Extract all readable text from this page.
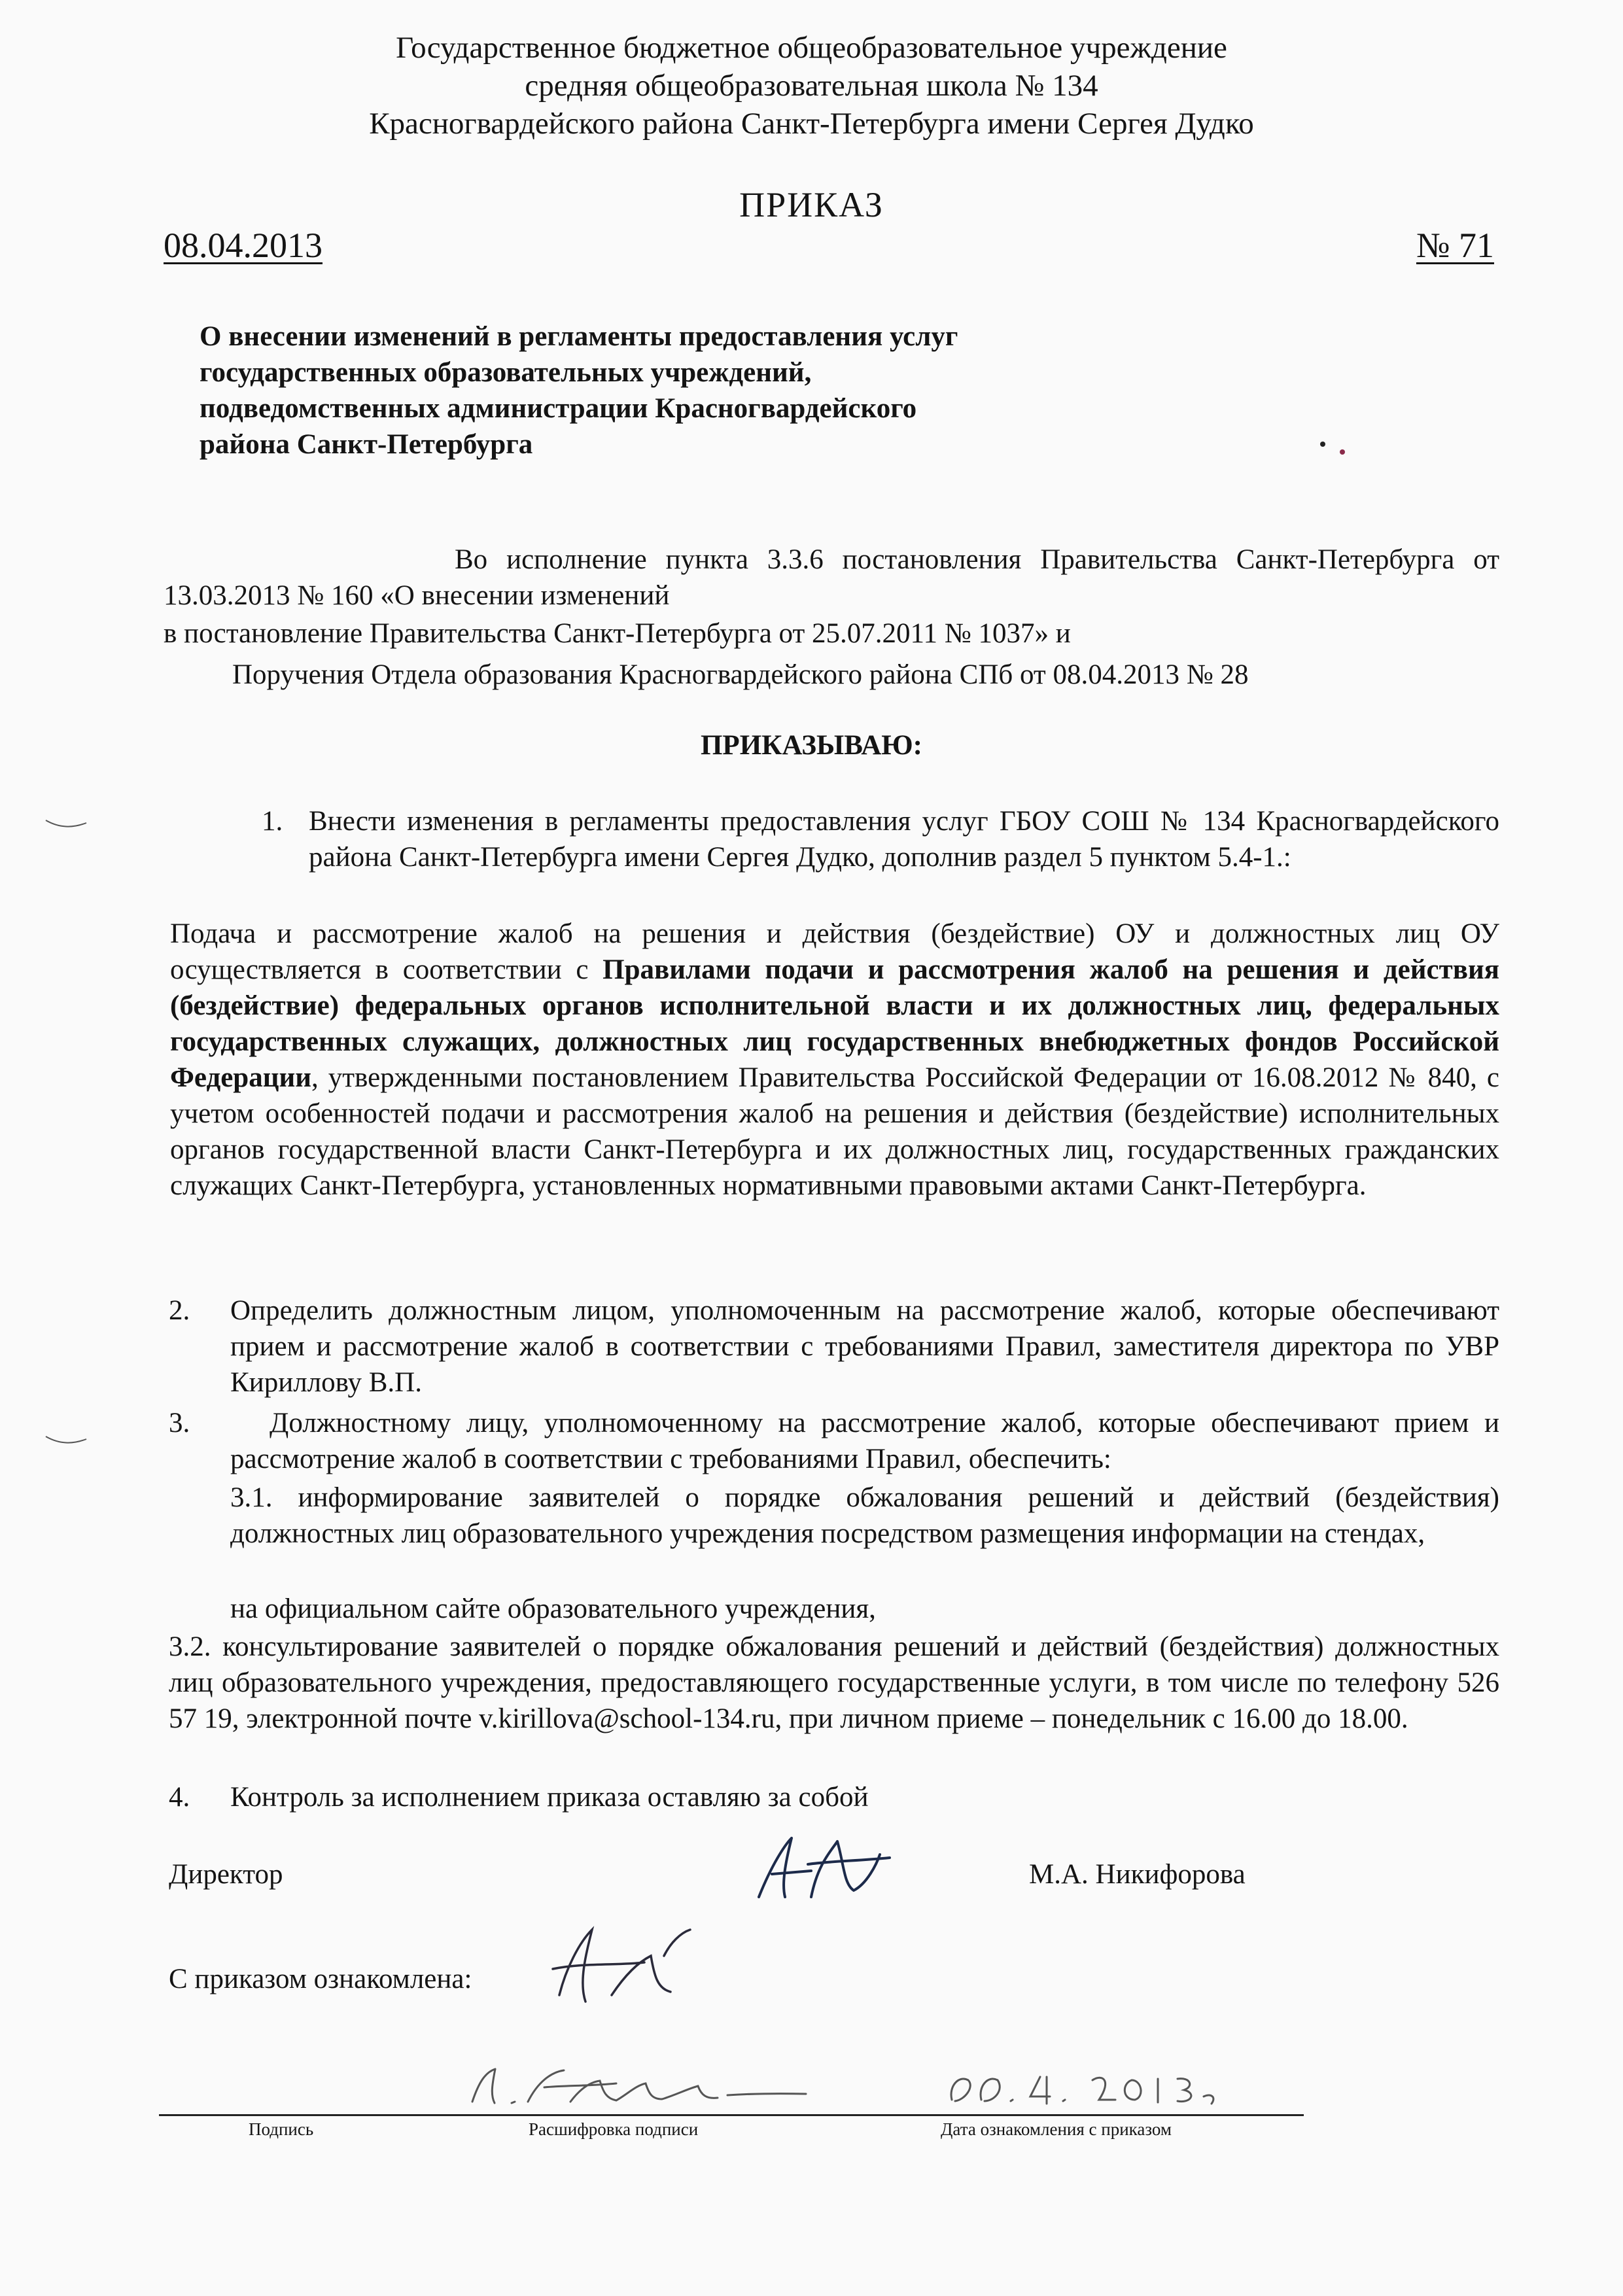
Государственное бюджетное общеобразовательное учреждение
средняя общеобразовательная школа № 134
Красногвардейского района Санкт-Петербурга имени Сергея Дудко
ПРИКАЗ
08.04.2013	№ 71
О внесении изменений в регламенты предоставления услуг государственных образовательных учреждений, подведомственных администрации Красногвардейского района Санкт-Петербурга
Во исполнение пункта 3.3.6 постановления Правительства Санкт-Петербурга от 13.03.2013 № 160 «О внесении изменений
в постановление Правительства Санкт-Петербурга от 25.07.2011 № 1037» и
Поручения Отдела образования Красногвардейского района СПб от 08.04.2013 № 28
ПРИКАЗЫВАЮ:
1. Внести изменения в регламенты предоставления услуг ГБОУ СОШ № 134 Красногвардейского района Санкт-Петербурга имени Сергея Дудко, дополнив раздел 5 пунктом 5.4-1.:
Подача и рассмотрение жалоб на решения и действия (бездействие) ОУ и должностных лиц ОУ осуществляется в соответствии с Правилами подачи и рассмотрения жалоб на решения и действия (бездействие) федеральных органов исполнительной власти и их должностных лиц, федеральных государственных служащих, должностных лиц государственных внебюджетных фондов Российской Федерации, утвержденными постановлением Правительства Российской Федерации от 16.08.2012 № 840, с учетом особенностей подачи и рассмотрения жалоб на решения и действия (бездействие) исполнительных органов государственной власти Санкт-Петербурга и их должностных лиц, государственных гражданских служащих Санкт-Петербурга, установленных нормативными правовыми актами Санкт-Петербурга.
2. Определить должностным лицом, уполномоченным на рассмотрение жалоб, которые обеспечивают прием и рассмотрение жалоб в соответствии с требованиями Правил, заместителя директора по УВР Кириллову В.П.
3.	Должностному лицу, уполномоченному на рассмотрение жалоб, которые обеспечивают прием и рассмотрение жалоб в соответствии с требованиями Правил, обеспечить:
3.1. информирование заявителей о порядке обжалования решений и действий (бездействия) должностных лиц образовательного учреждения посредством размещения информации на стендах,
на официальном сайте образовательного учреждения,
3.2. консультирование заявителей о порядке обжалования решений и действий (бездействия) должностных лиц образовательного учреждения, предоставляющего государственные услуги, в том числе по телефону 526 57 19, электронной почте v.kirillova@school-134.ru, при личном приеме – понедельник с 16.00 до 18.00.
4. Контроль за исполнением приказа оставляю за собой
Директор	М.А. Никифорова
С приказом ознакомлена:
Подпись	Расшифровка подписи	Дата ознакомления с приказом
